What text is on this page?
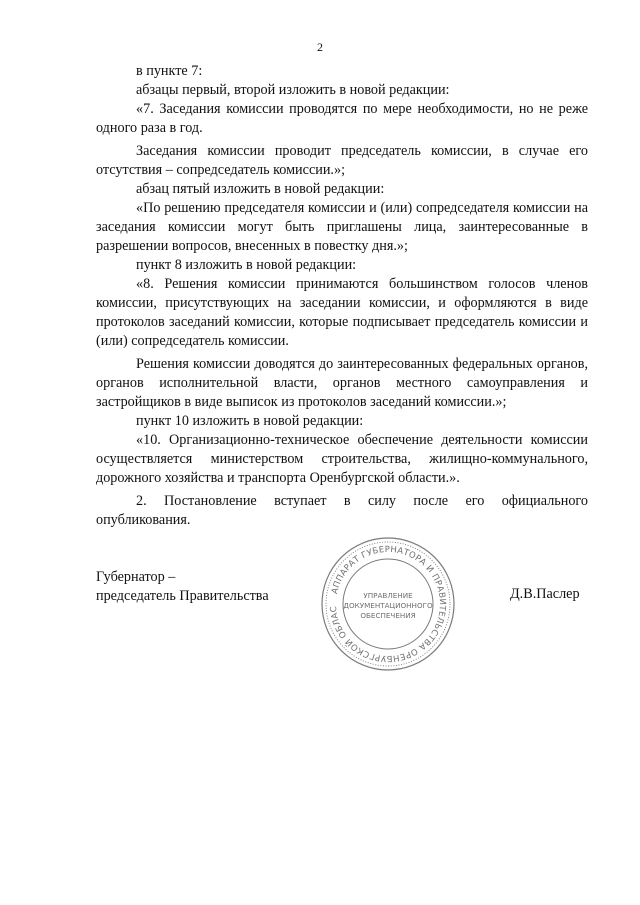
2

в пункте 7:

абзацы первый, второй изложить в новой редакции:

«7. Заседания комиссии проводятся по мере необходимости, но не реже одного раза в год.

Заседания комиссии проводит председатель комиссии, в случае его отсутствия – сопредседатель комиссии.»;

абзац пятый изложить в новой редакции:

«По решению председателя комиссии и (или) сопредседателя комиссии на заседания комиссии могут быть приглашены лица, заинтересованные в разрешении вопросов, внесенных в повестку дня.»;

пункт 8 изложить в новой редакции:

«8. Решения комиссии принимаются большинством голосов членов комиссии, присутствующих на заседании комиссии, и оформляются в виде протоколов заседаний комиссии, которые подписывает председатель комиссии и (или) сопредседатель комиссии.

Решения комиссии доводятся до заинтересованных федеральных органов, органов исполнительной власти, органов местного самоуправления и застройщиков в виде выписок из протоколов заседаний комиссии.»;

пункт 10 изложить в новой редакции:

«10. Организационно-техническое обеспечение деятельности комиссии осуществляется министерством строительства, жилищно-коммунального, дорожного хозяйства и транспорта Оренбургской области.».

2. Постановление вступает в силу после его официального опубликования.

Губернатор –
председатель Правительства	Д.В.Паслер
АППАРАТ ГУБЕРНАТОРА И ПРАВИТЕЛЬСТВА ОРЕНБУРГСКОЙ ОБЛАС
УПРАВЛЕНИЕ
ДОКУМЕНТАЦИОННОГО
ОБЕСПЕЧЕНИЯ
